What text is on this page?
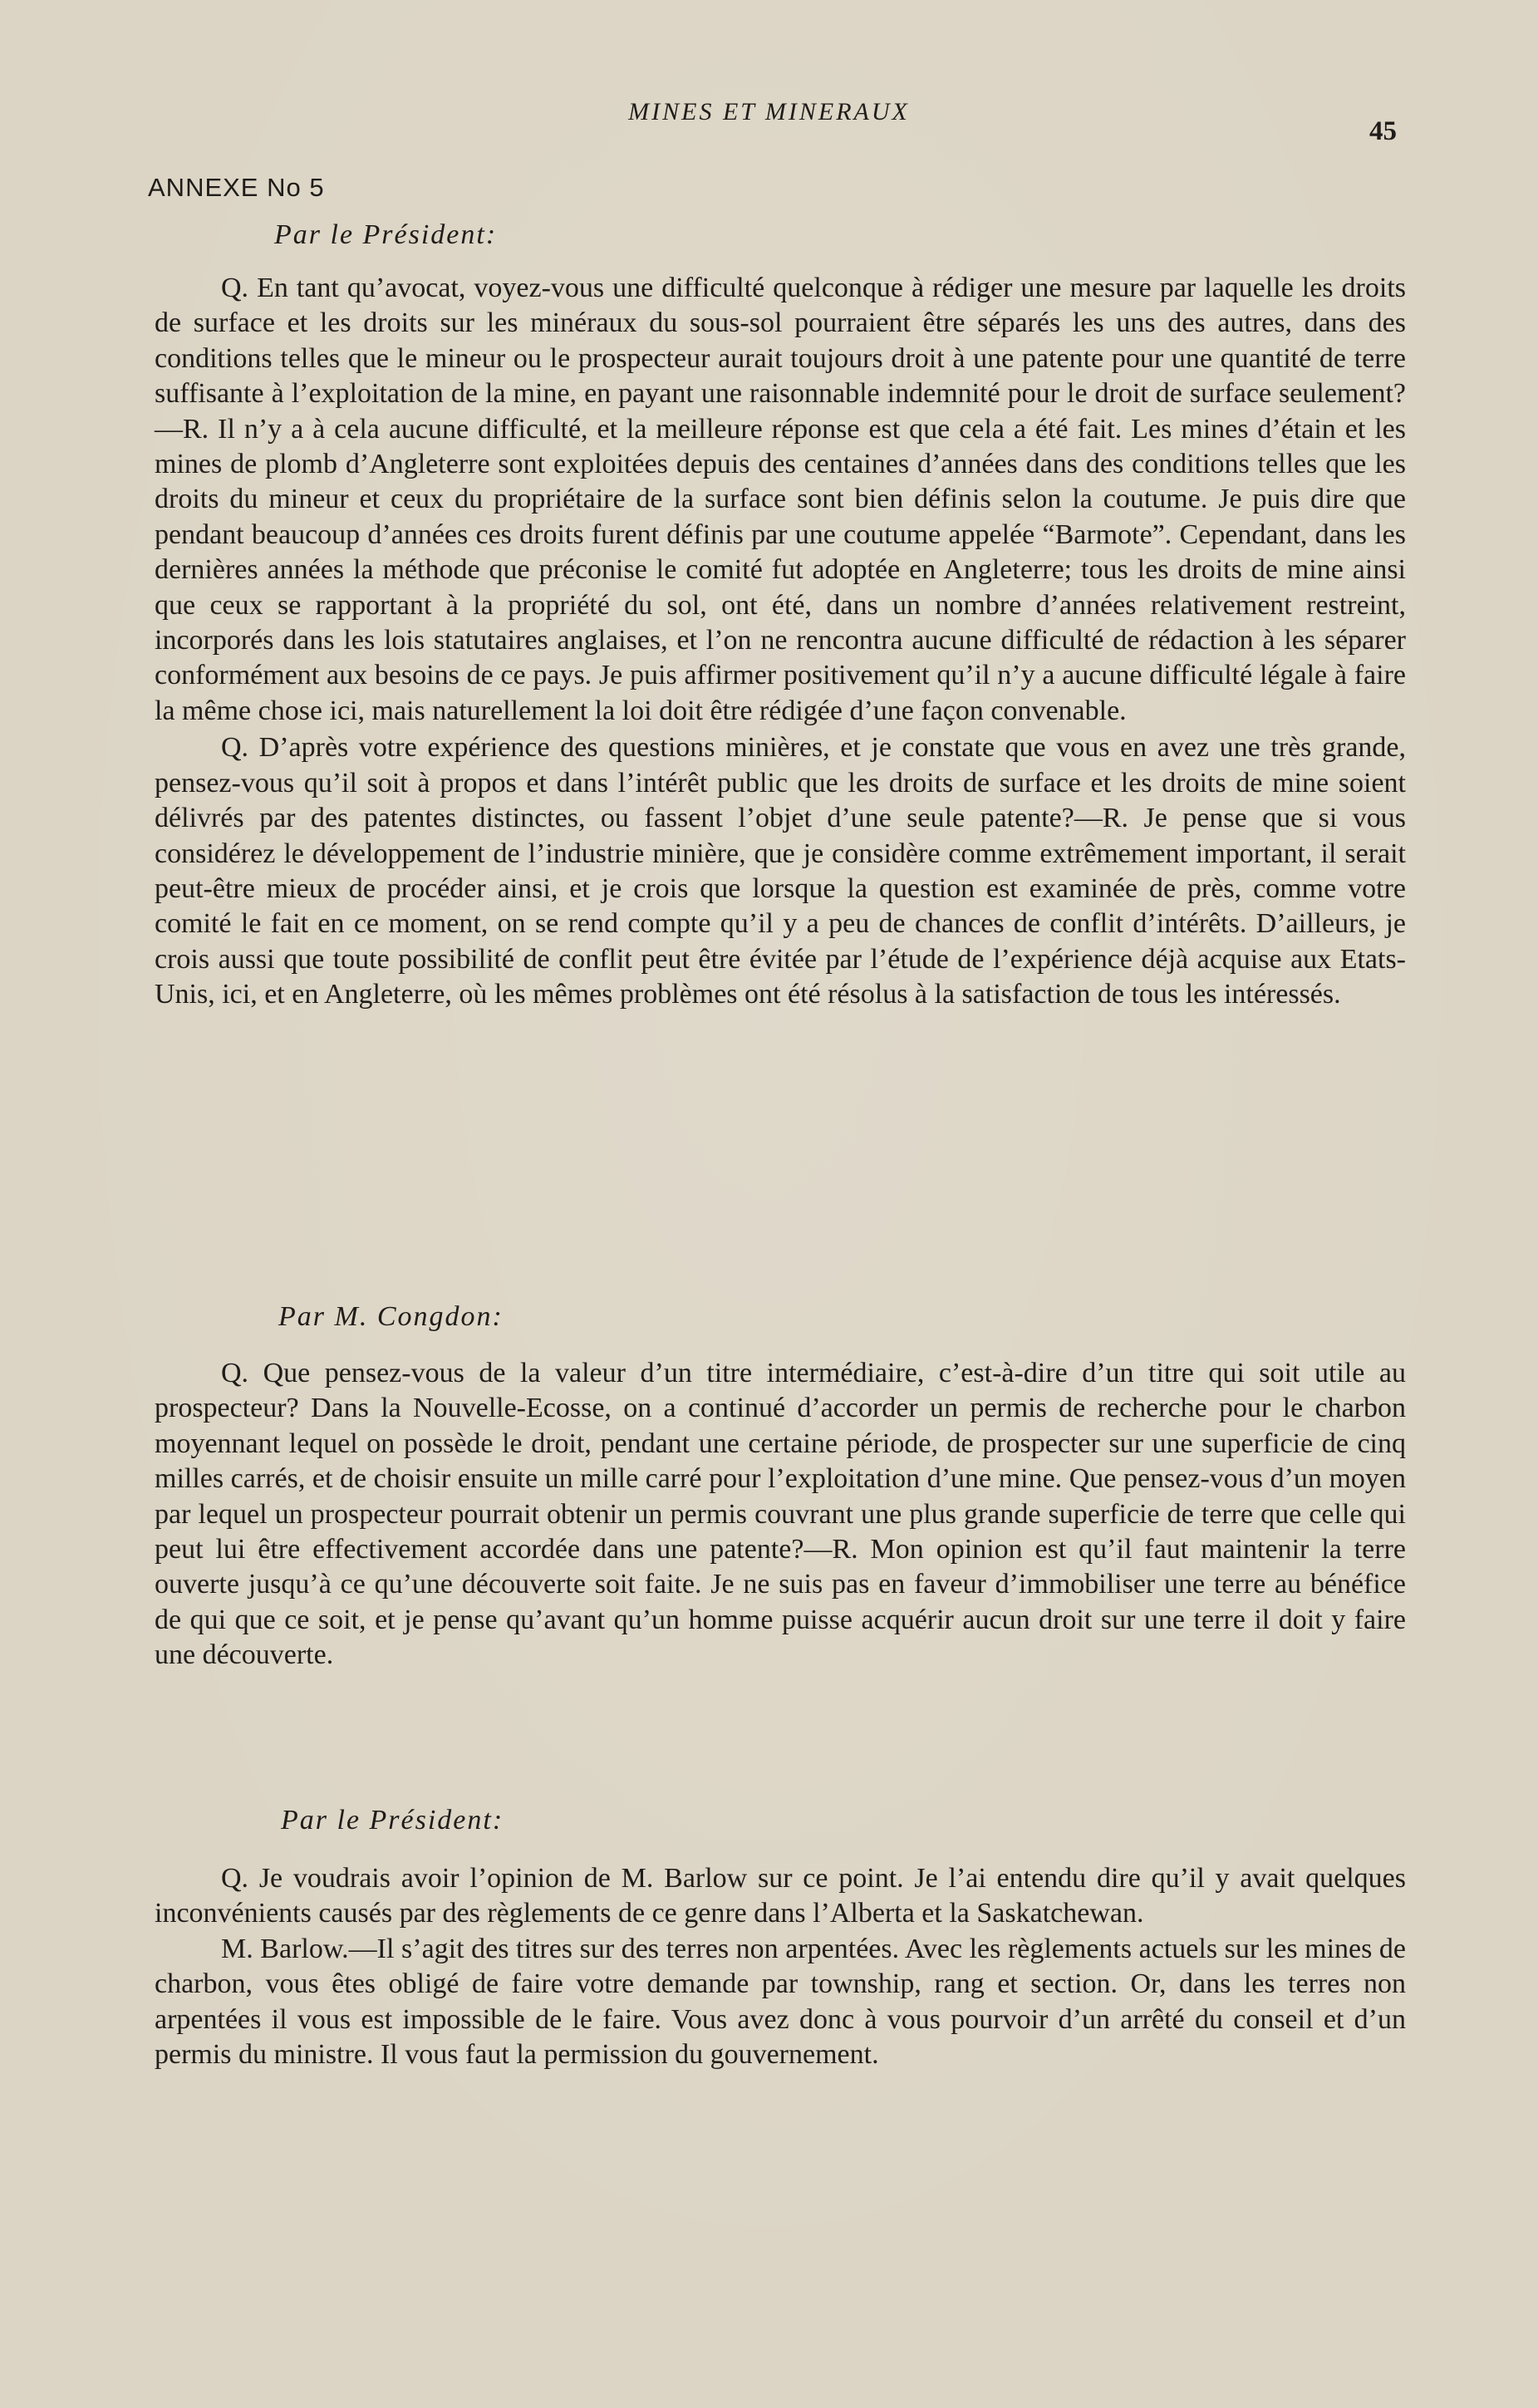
MINES ET MINERAUX
45
ANNEXE No 5

Par le Président:

Q. En tant qu’avocat, voyez-vous une difficulté quelconque à rédiger une mesure par laquelle les droits de surface et les droits sur les minéraux du sous-sol pourraient être séparés les uns des autres, dans des conditions telles que le mineur ou le prospecteur aurait toujours droit à une patente pour une quantité de terre suffisante à l’exploitation de la mine, en payant une raisonnable indemnité pour le droit de surface seulement?—R. Il n’y a à cela aucune difficulté, et la meilleure réponse est que cela a été fait. Les mines d’étain et les mines de plomb d’Angleterre sont exploitées depuis des centaines d’années dans des conditions telles que les droits du mineur et ceux du propriétaire de la surface sont bien définis selon la coutume. Je puis dire que pendant beaucoup d’années ces droits furent définis par une coutume appelée “Barmote”. Cependant, dans les dernières années la méthode que préconise le comité fut adoptée en Angleterre; tous les droits de mine ainsi que ceux se rapportant à la propriété du sol, ont été, dans un nombre d’années relativement restreint, incorporés dans les lois statutaires anglaises, et l’on ne rencontra aucune difficulté de rédaction à les séparer conformément aux besoins de ce pays. Je puis affirmer positivement qu’il n’y a aucune difficulté légale à faire la même chose ici, mais naturellement la loi doit être rédigée d’une façon convenable.

Q. D’après votre expérience des questions minières, et je constate que vous en avez une très grande, pensez-vous qu’il soit à propos et dans l’intérêt public que les droits de surface et les droits de mine soient délivrés par des patentes distinctes, ou fassent l’objet d’une seule patente?—R. Je pense que si vous considérez le développement de l’industrie minière, que je considère comme extrêmement important, il serait peut-être mieux de procéder ainsi, et je crois que lorsque la question est examinée de près, comme votre comité le fait en ce moment, on se rend compte qu’il y a peu de chances de conflit d’intérêts. D’ailleurs, je crois aussi que toute possibilité de conflit peut être évitée par l’étude de l’expérience déjà acquise aux Etats-Unis, ici, et en Angleterre, où les mêmes problèmes ont été résolus à la satisfaction de tous les intéressés.

Par M. Congdon:

Q. Que pensez-vous de la valeur d’un titre intermédiaire, c’est-à-dire d’un titre qui soit utile au prospecteur? Dans la Nouvelle-Ecosse, on a continué d’accorder un permis de recherche pour le charbon moyennant lequel on possède le droit, pendant une certaine période, de prospecter sur une superficie de cinq milles carrés, et de choisir ensuite un mille carré pour l’exploitation d’une mine. Que pensez-vous d’un moyen par lequel un prospecteur pourrait obtenir un permis couvrant une plus grande superficie de terre que celle qui peut lui être effectivement accordée dans une patente?—R. Mon opinion est qu’il faut maintenir la terre ouverte jusqu’à ce qu’une découverte soit faite. Je ne suis pas en faveur d’immobiliser une terre au bénéfice de qui que ce soit, et je pense qu’avant qu’un homme puisse acquérir aucun droit sur une terre il doit y faire une découverte.

Par le Président:

Q. Je voudrais avoir l’opinion de M. Barlow sur ce point. Je l’ai entendu dire qu’il y avait quelques inconvénients causés par des règlements de ce genre dans l’Alberta et la Saskatchewan.

M. Barlow.—Il s’agit des titres sur des terres non arpentées. Avec les règlements actuels sur les mines de charbon, vous êtes obligé de faire votre demande par township, rang et section. Or, dans les terres non arpentées il vous est impossible de le faire. Vous avez donc à vous pourvoir d’un arrêté du conseil et d’un permis du ministre. Il vous faut la permission du gouvernement.
